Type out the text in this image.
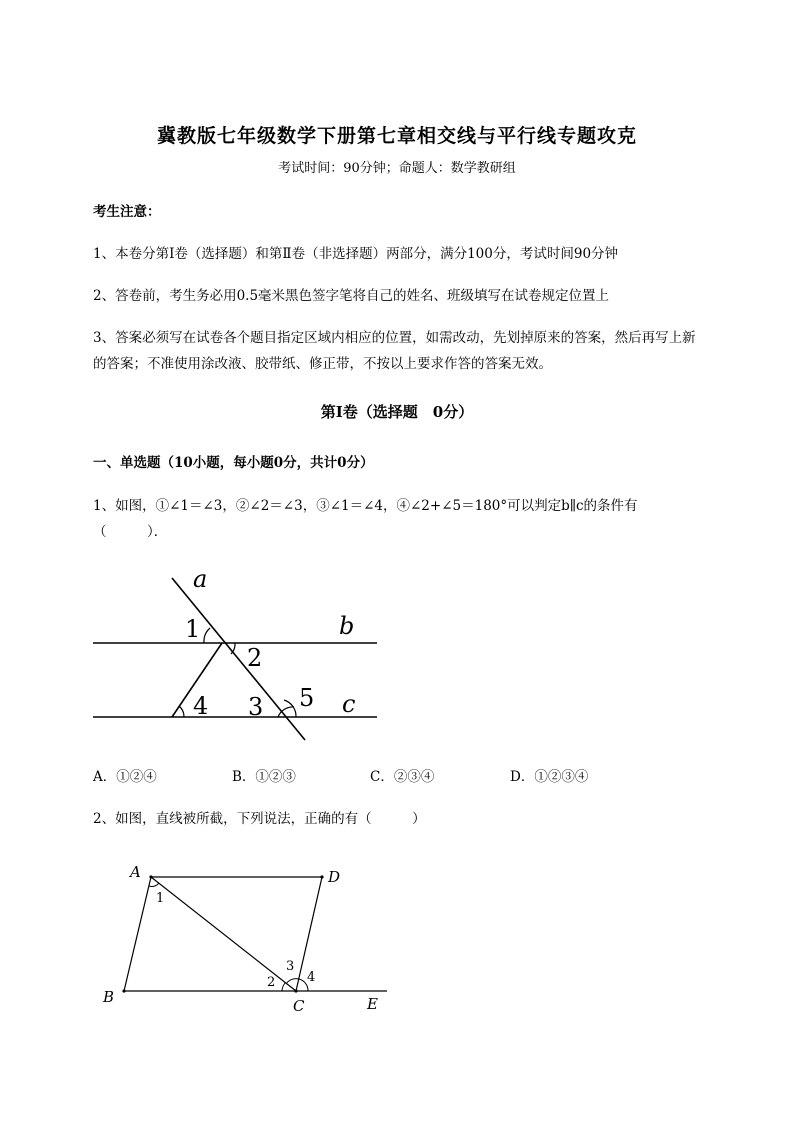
冀教版七年级数学下册第七章相交线与平行线专题攻克
考试时间：90分钟；命题人：数学教研组
考生注意：
1、本卷分第I卷（选择题）和第Ⅱ卷（非选择题）两部分，满分100分，考试时间90分钟
2、答卷前，考生务必用0.5毫米黑色签字笔将自己的姓名、班级填写在试卷规定位置上
3、答案必须写在试卷各个题目指定区域内相应的位置，如需改动，先划掉原来的答案，然后再写上新
的答案；不准使用涂改液、胶带纸、修正带，不按以上要求作答的答案无效。
第I卷（选择题　0分）
一、单选题（10小题，每小题0分，共计0分）
1、如图，①∠1＝∠3，②∠2＝∠3，③∠1＝∠4，④∠2+∠5＝180°可以判定b∥c的条件有
（　　　）．
a
b
c
1
2
3
4	5
A．①②④	B．①②③	C．②③④	D．①②③④
2、如图，直线被所截，下列说法，正确的有（　　　）
A	D
B	C	E
1
2
3
4
